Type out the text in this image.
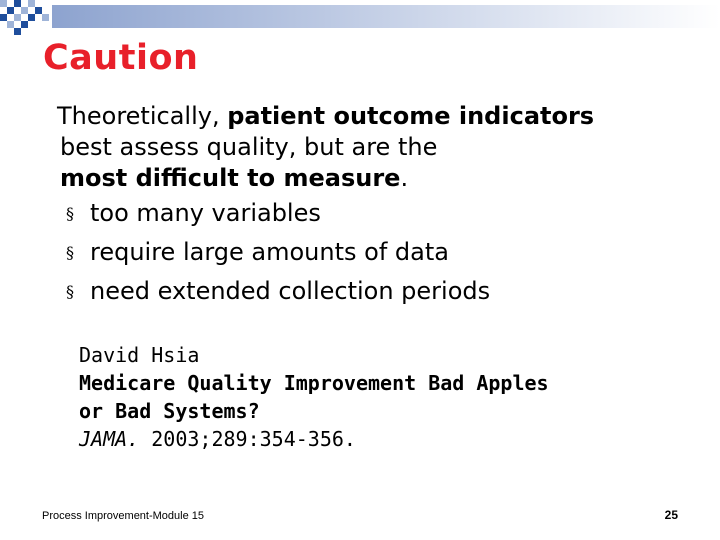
Caution

Theoretically, patient outcome indicators

best assess quality, but are the

most difficult to measure.

§ too many variables
§ require large amounts of data
§ need extended collection periods
David Hsia
Medicare Quality Improvement Bad Apples
or Bad Systems?
JAMA. 2003;289:354-356.
Process Improvement-Module 15	25
